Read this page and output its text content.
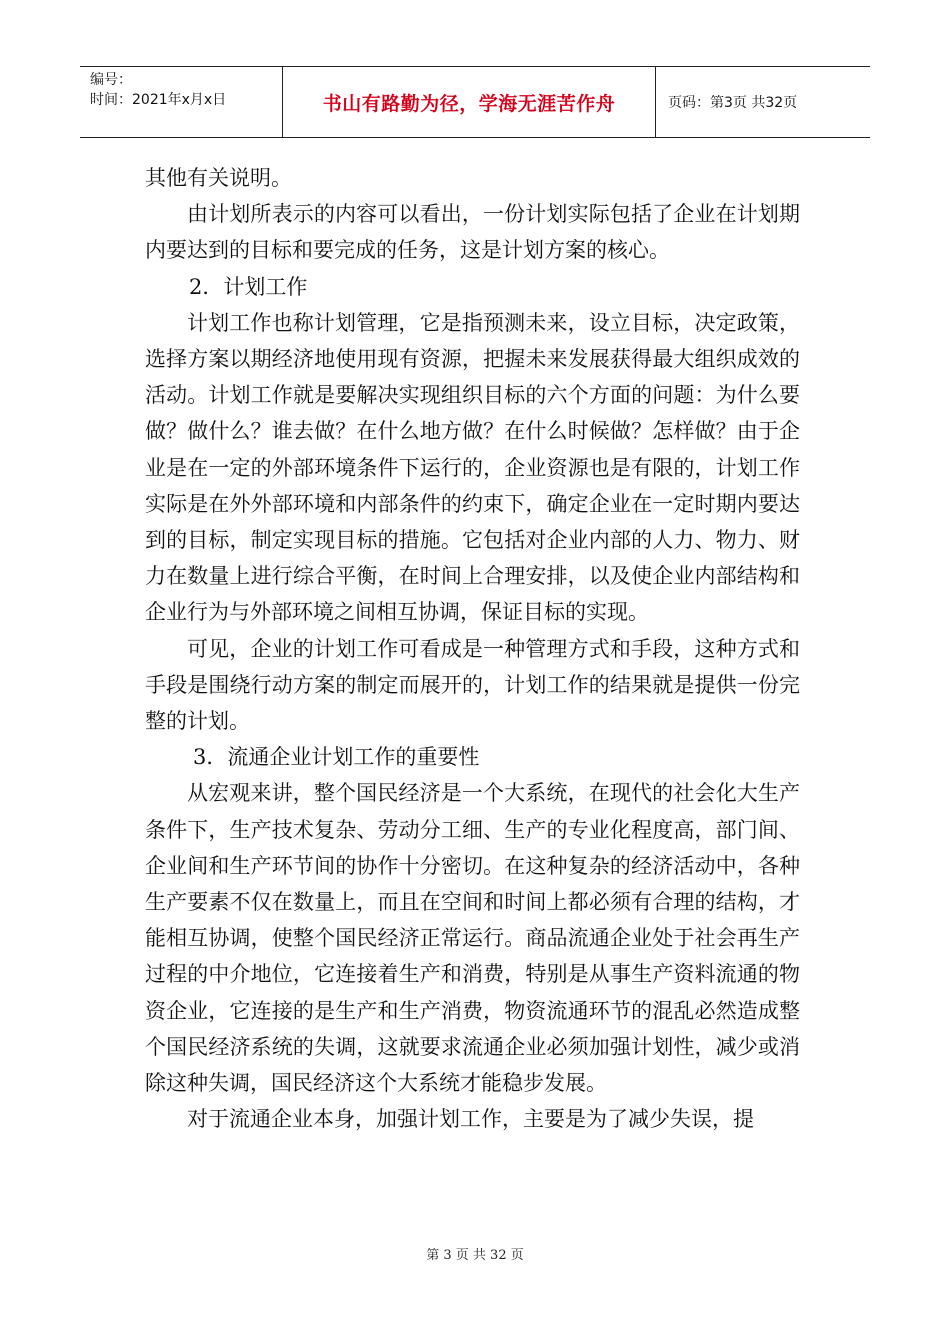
编号：
时间：2021年x月x日	书山有路勤为径，学海无涯苦作舟	页码：第3页 共32页

其他有关说明。

由计划所表示的内容可以看出，一份计划实际包括了企业在计划期内要达到的目标和要完成的任务，这是计划方案的核心。

2．计划工作

计划工作也称计划管理，它是指预测未来，设立目标，决定政策，选择方案以期经济地使用现有资源，把握未来发展获得最大组织成效的活动。计划工作就是要解决实现组织目标的六个方面的问题：为什么要做？做什么？谁去做？在什么地方做？在什么时候做？怎样做？由于企业是在一定的外部环境条件下运行的，企业资源也是有限的，计划工作实际是在外外部环境和内部条件的约束下，确定企业在一定时期内要达到的目标，制定实现目标的措施。它包括对企业内部的人力、物力、财力在数量上进行综合平衡，在时间上合理安排，以及使企业内部结构和企业行为与外部环境之间相互协调，保证目标的实现。

可见，企业的计划工作可看成是一种管理方式和手段，这种方式和手段是围绕行动方案的制定而展开的，计划工作的结果就是提供一份完整的计划。

3．流通企业计划工作的重要性

从宏观来讲，整个国民经济是一个大系统，在现代的社会化大生产条件下，生产技术复杂、劳动分工细、生产的专业化程度高，部门间、企业间和生产环节间的协作十分密切。在这种复杂的经济活动中，各种生产要素不仅在数量上，而且在空间和时间上都必须有合理的结构，才能相互协调，使整个国民经济正常运行。商品流通企业处于社会再生产过程的中介地位，它连接着生产和消费，特别是从事生产资料流通的物资企业，它连接的是生产和生产消费，物资流通环节的混乱必然造成整个国民经济系统的失调，这就要求流通企业必须加强计划性，减少或消除这种失调，国民经济这个大系统才能稳步发展。

对于流通企业本身，加强计划工作，主要是为了减少失误，提

第 3 页 共 32 页
